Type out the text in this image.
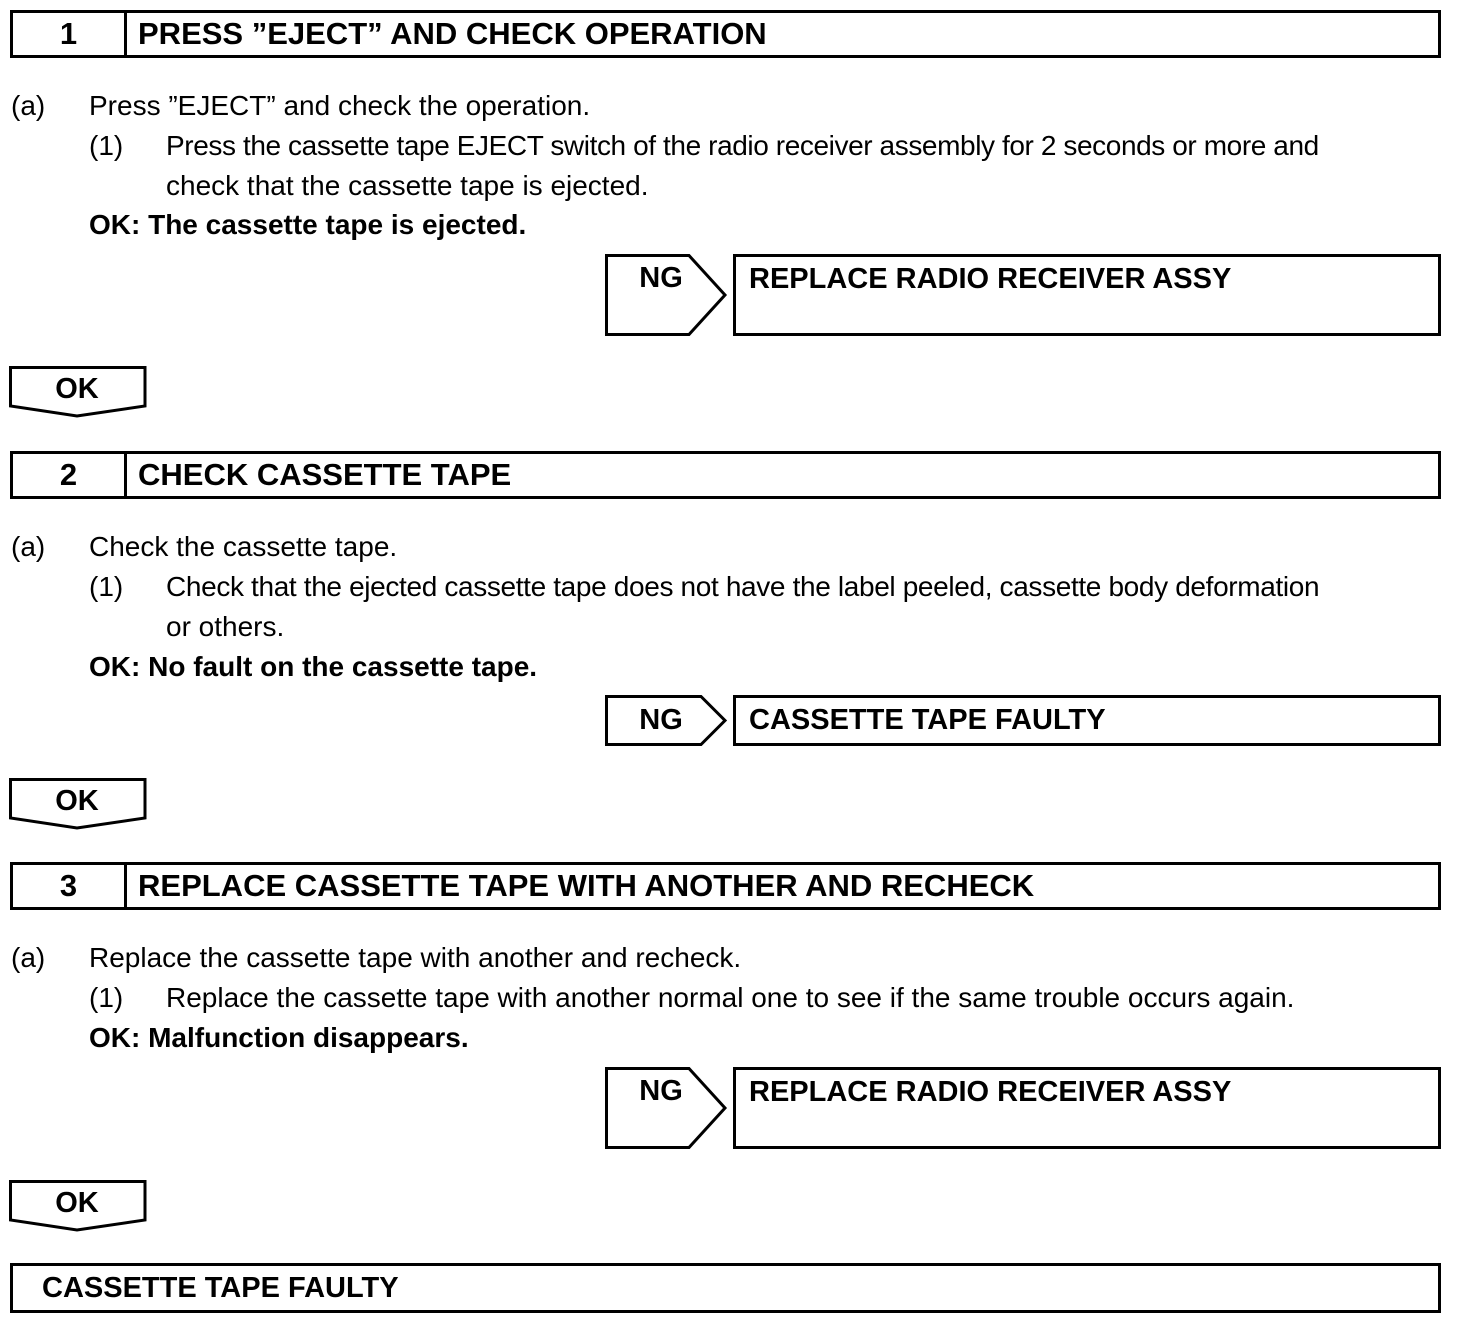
1	PRESS ”EJECT” AND CHECK OPERATION
(a) Press ”EJECT” and check the operation.
(1) Press the cassette tape EJECT switch of the radio receiver assembly for 2 seconds or more and
check that the cassette tape is ejected.
OK: The cassette tape is ejected.
NG	REPLACE RADIO RECEIVER ASSY
OK
2	CHECK CASSETTE TAPE
(a) Check the cassette tape.
(1) Check that the ejected cassette tape does not have the label peeled, cassette body deformation
or others.
OK: No fault on the cassette tape.
NG	CASSETTE TAPE FAULTY
OK
3	REPLACE CASSETTE TAPE WITH ANOTHER AND RECHECK
(a) Replace the cassette tape with another and recheck.
(1) Replace the cassette tape with another normal one to see if the same trouble occurs again.
OK: Malfunction disappears.
NG	REPLACE RADIO RECEIVER ASSY
OK
CASSETTE TAPE FAULTY
